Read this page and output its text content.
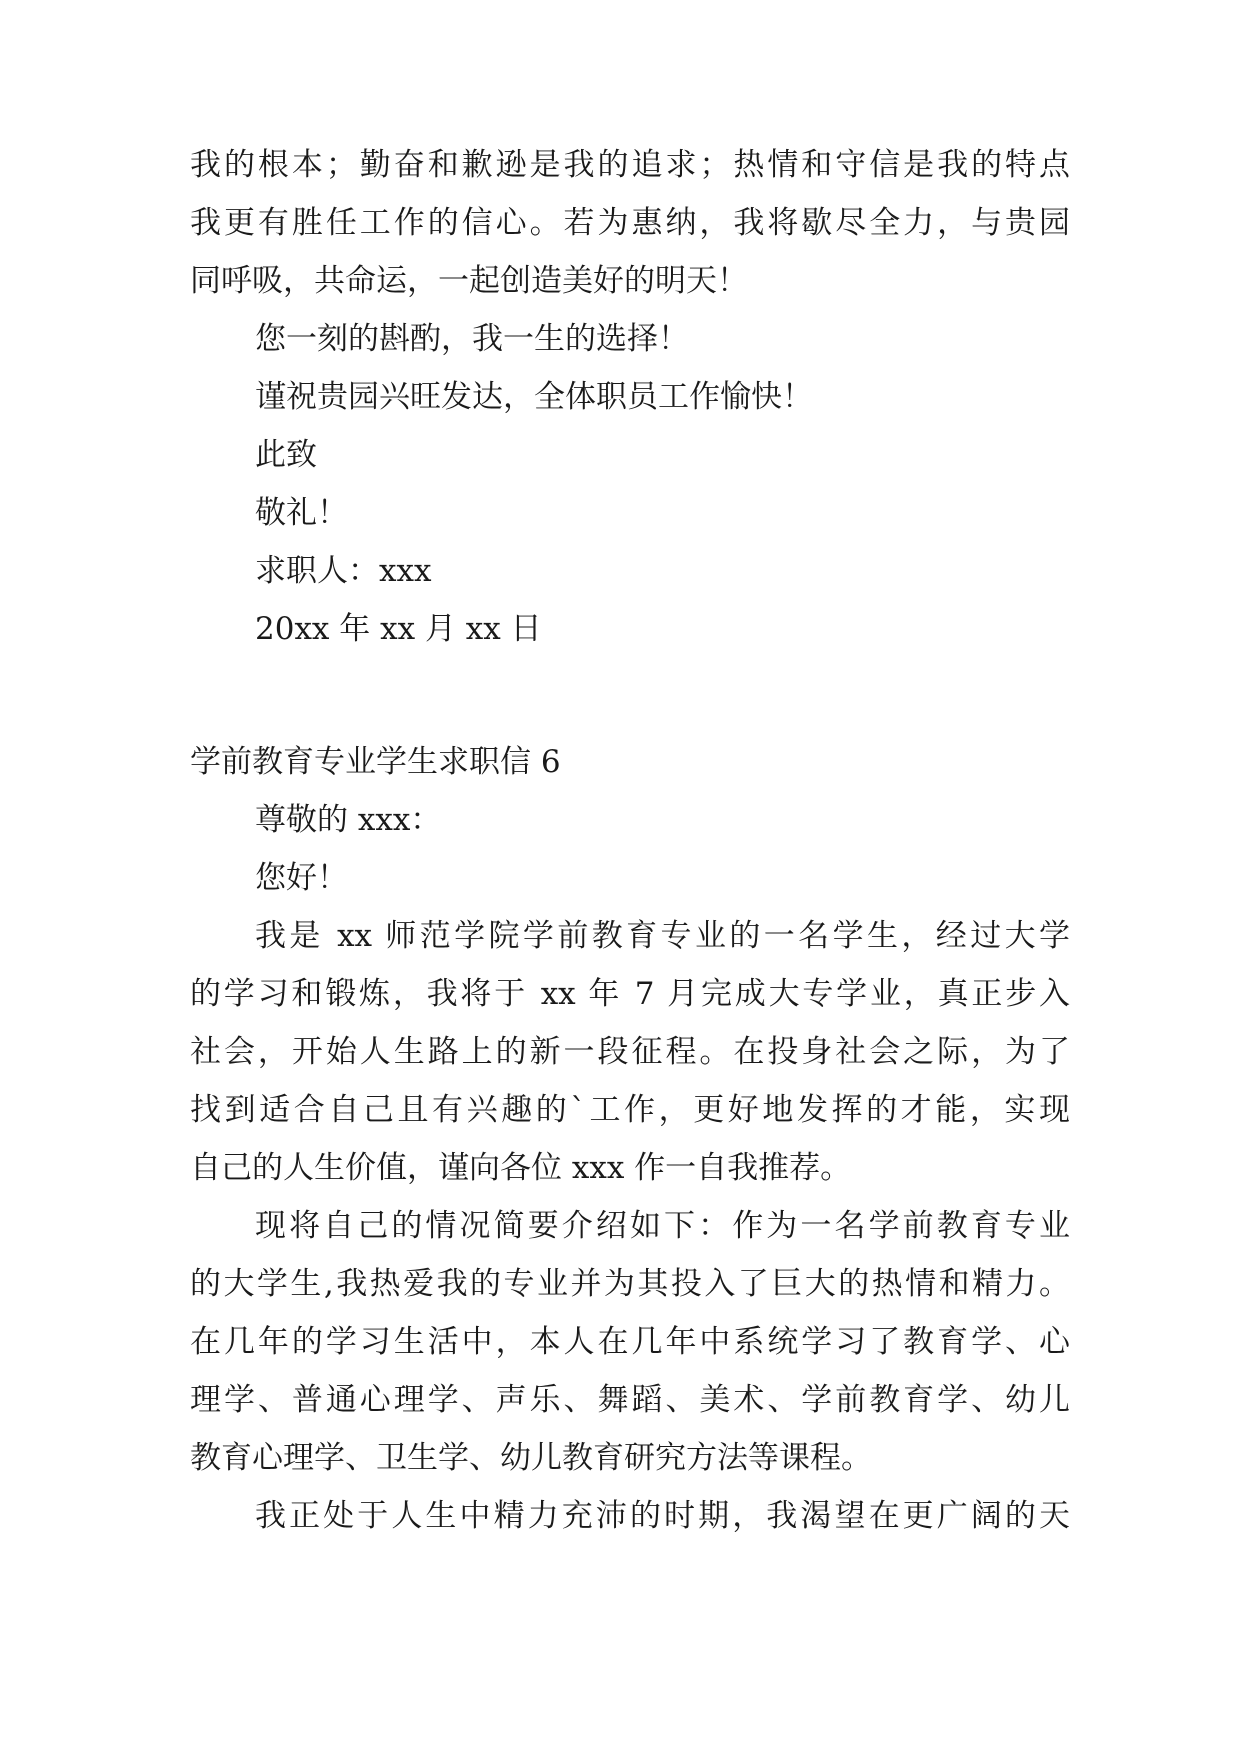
我的根本；勤奋和歉逊是我的追求；热情和守信是我的特点
我更有胜任工作的信心。若为惠纳，我将歇尽全力，与贵园
同呼吸，共命运，一起创造美好的明天！
您一刻的斟酌，我一生的选择！
谨祝贵园兴旺发达，全体职员工作愉快！
此致
敬礼！
求职人：xxx
20xx 年 xx 月 xx 日
学前教育专业学生求职信 6
尊敬的 xxx：
您好！
我是 xx 师范学院学前教育专业的一名学生，经过大学
的学习和锻炼，我将于 xx 年 7 月完成大专学业，真正步入
社会，开始人生路上的新一段征程。在投身社会之际，为了
找到适合自己且有兴趣的`工作，更好地发挥的才能，实现
自己的人生价值，谨向各位 xxx 作一自我推荐。
现将自己的情况简要介绍如下：作为一名学前教育专业
的大学生,我热爱我的专业并为其投入了巨大的热情和精力。
在几年的学习生活中，本人在几年中系统学习了教育学、心
理学、普通心理学、声乐、舞蹈、美术、学前教育学、幼儿
教育心理学、卫生学、幼儿教育研究方法等课程。
我正处于人生中精力充沛的时期，我渴望在更广阔的天
